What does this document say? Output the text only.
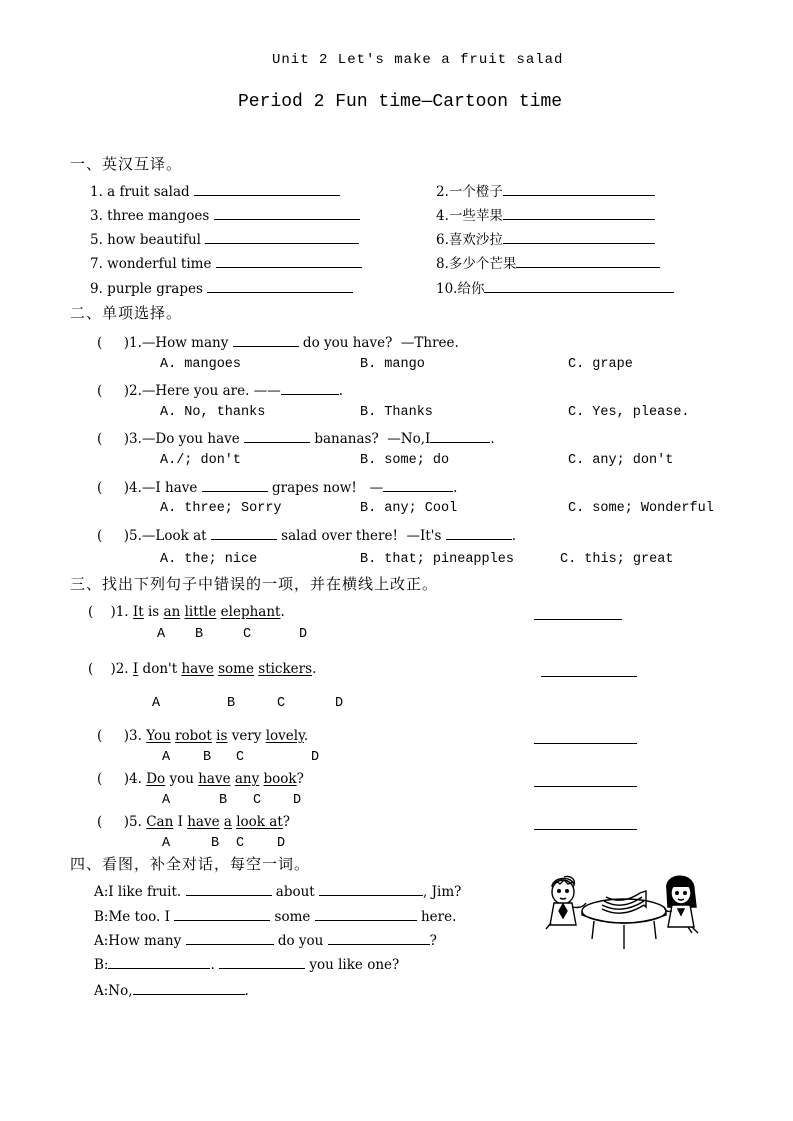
Unit 2 Let's make a fruit salad
Period 2 Fun time—Cartoon time
一、英汉互译。
1. a fruit salad	2.一个橙子
3. three mangoes	4.一些苹果
5. how beautiful	6.喜欢沙拉
7. wonderful time	8.多少个芒果
9. purple grapes	10.给你
二、单项选择。
( )1.—How many	do you have?  —Three.
A. mangoes	B. mango	C. grape
( )2.—Here you are. ——	.
A. No, thanks	B. Thanks	C. Yes, please.
( )3.—Do you have	bananas?  —No,I	.
A./; don't	B. some; do	C. any; don't
( )4.—I have	grapes now!   —	.
A. three; Sorry	B. any; Cool	C. some; Wonderful
( )5.—Look at	salad over there!  —It's	.
A. the; nice	B. that; pineapples	C. this; great
三、找出下列句子中错误的一项，并在横线上改正。
( )1. It is an little elephant.
A B	C	D
( )2. I don't have some stickers.
A	B	C	D
( )3. You robot is very lovely.
A B C	D
( )4. Do you have any book?
A	B C D
( )5. Can I have a look at?
A	B C D
四、看图，补全对话，每空一词。
A:I like fruit.	about	, Jim?
B:Me too. I	some	here.
A:How many	do you	?
B:	.	you like one?
A:No,	.
